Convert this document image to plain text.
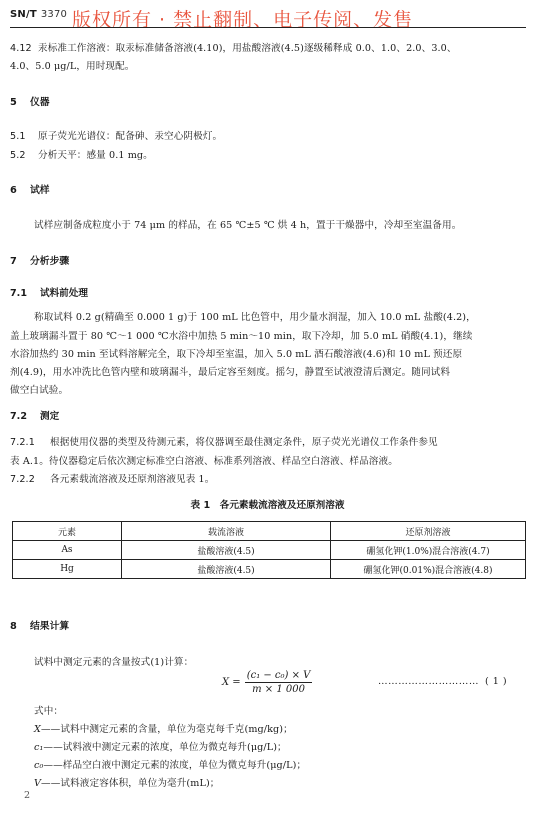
SN/T 3370 版权所有 · 禁止翻制、电子传阅、发售
4.12 汞标准工作溶液：取汞标准储备溶液(4.10)，用盐酸溶液(4.5)逐级稀释成 0.0、1.0、2.0、3.0、
4.0、5.0 μg/L，用时现配。
5 仪器
5.1 原子荧光光谱仪：配备砷、汞空心阴极灯。
5.2 分析天平：感量 0.1 mg。
6 试样
试样应制备成粒度小于 74 μm 的样品，在 65 ℃±5 ℃ 烘 4 h，置于干燥器中，冷却至室温备用。
7 分析步骤
7.1 试料前处理
称取试料 0.2 g(精确至 0.000 1 g)于 100 mL 比色管中，用少量水润湿，加入 10.0 mL 盐酸(4.2)，
盖上玻璃漏斗置于 80 ℃～1 000 ℃水浴中加热 5 min～10 min，取下冷却，加 5.0 mL 硝酸(4.1)，继续
水浴加热约 30 min 至试料溶解完全，取下冷却至室温，加入 5.0 mL 酒石酸溶液(4.6)和 10 mL 预还原
剂(4.9)，用水冲洗比色管内壁和玻璃漏斗，最后定容至刻度。摇匀，静置至试液澄清后测定。随同试料
做空白试验。
7.2 测定
7.2.1 根据使用仪器的类型及待测元素，将仪器调至最佳测定条件，原子荧光光谱仪工作条件参见
表 A.1。待仪器稳定后依次测定标准空白溶液、标准系列溶液、样品空白溶液、样品溶液。
7.2.2 各元素载流溶液及还原剂溶液见表 1。
表 1　各元素载流溶液及还原剂溶液
元素	载流溶液	还原剂溶液
As	盐酸溶液(4.5)	硼氢化钾(1.0%)混合溶液(4.7)
Hg	盐酸溶液(4.5)	硼氢化钾(0.01%)混合溶液(4.8)
8 结果计算
试料中测定元素的含量按式(1)计算：
$X = \frac{\text{(c₁ − c₀) × V}}{m \times 1 000}$	………………………… ( 1 )
式中：
X——试料中测定元素的含量，单位为毫克每千克(mg/kg)；
c₁——试料液中测定元素的浓度，单位为微克每升(μg/L)；
c₀——样品空白液中测定元素的浓度，单位为微克每升(μg/L)；
V——试料液定容体积，单位为毫升(mL)；
2
